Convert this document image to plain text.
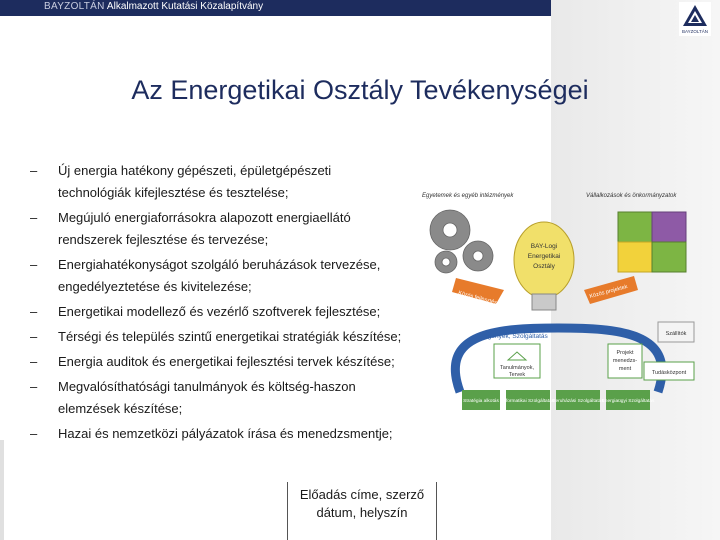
BAYZOLTÁN Alkalmazott Kutatási Közalapítvány
BAYZOLTÁN
Az Energetikai Osztály Tevékenységei
– Új energia hatékony gépészeti, épületgépészeti
technológiák kifejlesztése és tesztelése;
– Megújuló energiaforrásokra alapozott energiaellátó
rendszerek fejlesztése és tervezése;
– Energiahatékonyságot szolgáló beruházások tervezése,
engedélyeztetése és kivitelezése;
– Energetikai modellező és vezérlő szoftverek fejlesztése;
– Térségi és település szintű energetikai stratégiák készítése;
– Energia auditok és energetikai fejlesztési tervek készítése;
– Megvalósíthatósági tanulmányok és költség-haszon
elemzések készítése;
– Hazai és nemzetközi pályázatok írása és menedzsmentje;
Egyetemek és egyéb intézmények	Vállalkozások és önkormányzatok
BAY-Logi
Energetikai
Osztály
Közös fejlesztések	Közös projektek
Igények, Szolgáltatás
Tanulmányok,
Tervek
Projekt
menedzs-
ment
Tudásközpont
Szállítók
Stratégia alkotás Informatikai Szolgáltatás
Beruházási Szolgáltatás
Energiaügyi Szolgáltatás
Előadás címe, szerző
dátum, helyszín
